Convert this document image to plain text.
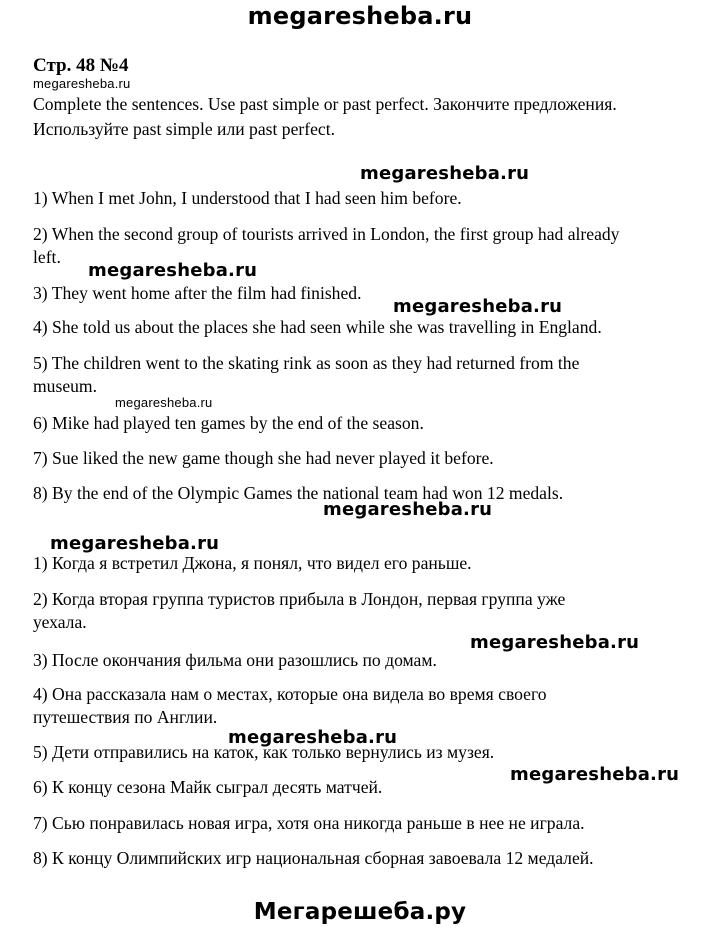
megaresheba.ru
megaresheba.ru
megaresheba.ru
megaresheba.ru
megaresheba.ru
megaresheba.ru
megaresheba.ru
megaresheba.ru
megaresheba.ru
megaresheba.ru
megaresheba.ru
Мегарешеба.ру
Стр. 48 №4
Complete the sentences. Use past simple or past perfect. Закончите предложения.
Используйте past simple или past perfect.
1) When I met John, I understood that I had seen him before.
2) When the second group of tourists arrived in London, the first group had already
left.
3) They went home after the film had finished.
4) She told us about the places she had seen while she was travelling in England.
5) The children went to the skating rink as soon as they had returned from the
museum.
6) Mike had played ten games by the end of the season.
7) Sue liked the new game though she had never played it before.
8) By the end of the Olympic Games the national team had won 12 medals.
1) Когда я встретил Джона, я понял, что видел его раньше.
2) Когда вторая группа туристов прибыла в Лондон, первая группа уже
уехала.
3) После окончания фильма они разошлись по домам.
4) Она рассказала нам о местах, которые она видела во время своего
путешествия по Англии.
5) Дети отправились на каток, как только вернулись из музея.
6) К концу сезона Майк сыграл десять матчей.
7) Сью понравилась новая игра, хотя она никогда раньше в нее не играла.
8) К концу Олимпийских игр национальная сборная завоевала 12 медалей.
